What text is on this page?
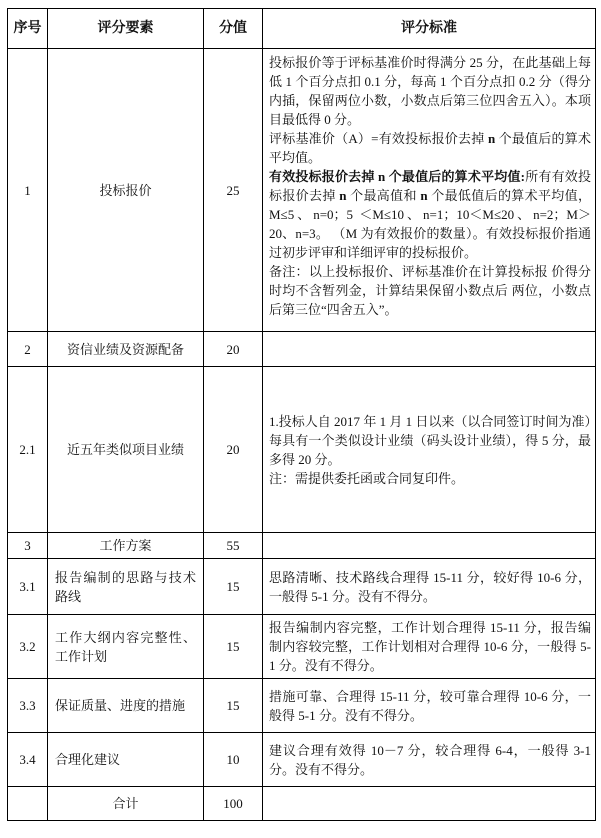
序号	评分要素	分值	评分标准
1	投标报价	25	投标报价等于评标基准价时得满分 25 分，在此基础上每低 1 个百分点扣 0.1 分，每高 1 个百分点扣 0.2 分（得分内插，保留两位小数，小数点后第三位四舍五入）。本项目最低得 0 分。
评标基准价（A）=有效投标报价去掉 n 个最值后的算术平均值。
有效投标报价去掉 n 个最值后的算术平均值:所有有效投标报价去掉 n 个最高值和 n 个最低值后的算术平均值，M≤5、n=0；5 ＜M≤10、n=1；10＜M≤20、n=2；M＞20、n=3。 （M 为有效报价的数量）。有效投标报价指通过初步评审和详细评审的投标报价。
备注：以上投标报价、评标基准价在计算投标报 价得分时均不含暂列金，计算结果保留小数点后 两位，小数点后第三位“四舍五入”。

2	资信业绩及资源配备	20	
2.1	近五年类似项目业绩	20	1.投标人自 2017 年 1 月 1 日以来（以合同签订时间为准）每具有一个类似设计业绩（码头设计业绩），得 5 分，最多得 20 分。
注：需提供委托函或合同复印件。

3	工作方案	55	
3.1	报告编制的思路与技术路线	15	思路清晰、技术路线合理得 15-11 分，较好得 10-6 分，一般得 5-1 分。没有不得分。

3.2	工作大纲内容完整性、工作计划	15	报告编制内容完整，工作计划合理得 15-11 分，报告编制内容较完整，工作计划相对合理得 10-6 分，一般得 5-1 分。没有不得分。

3.3	保证质量、进度的措施	15	措施可靠、合理得 15-11 分，较可靠合理得 10-6 分，一般得 5-1 分。没有不得分。

3.4	合理化建议	10	建议合理有效得 10－7 分，较合理得 6-4，一般得 3-1 分。没有不得分。

	合计	100	
